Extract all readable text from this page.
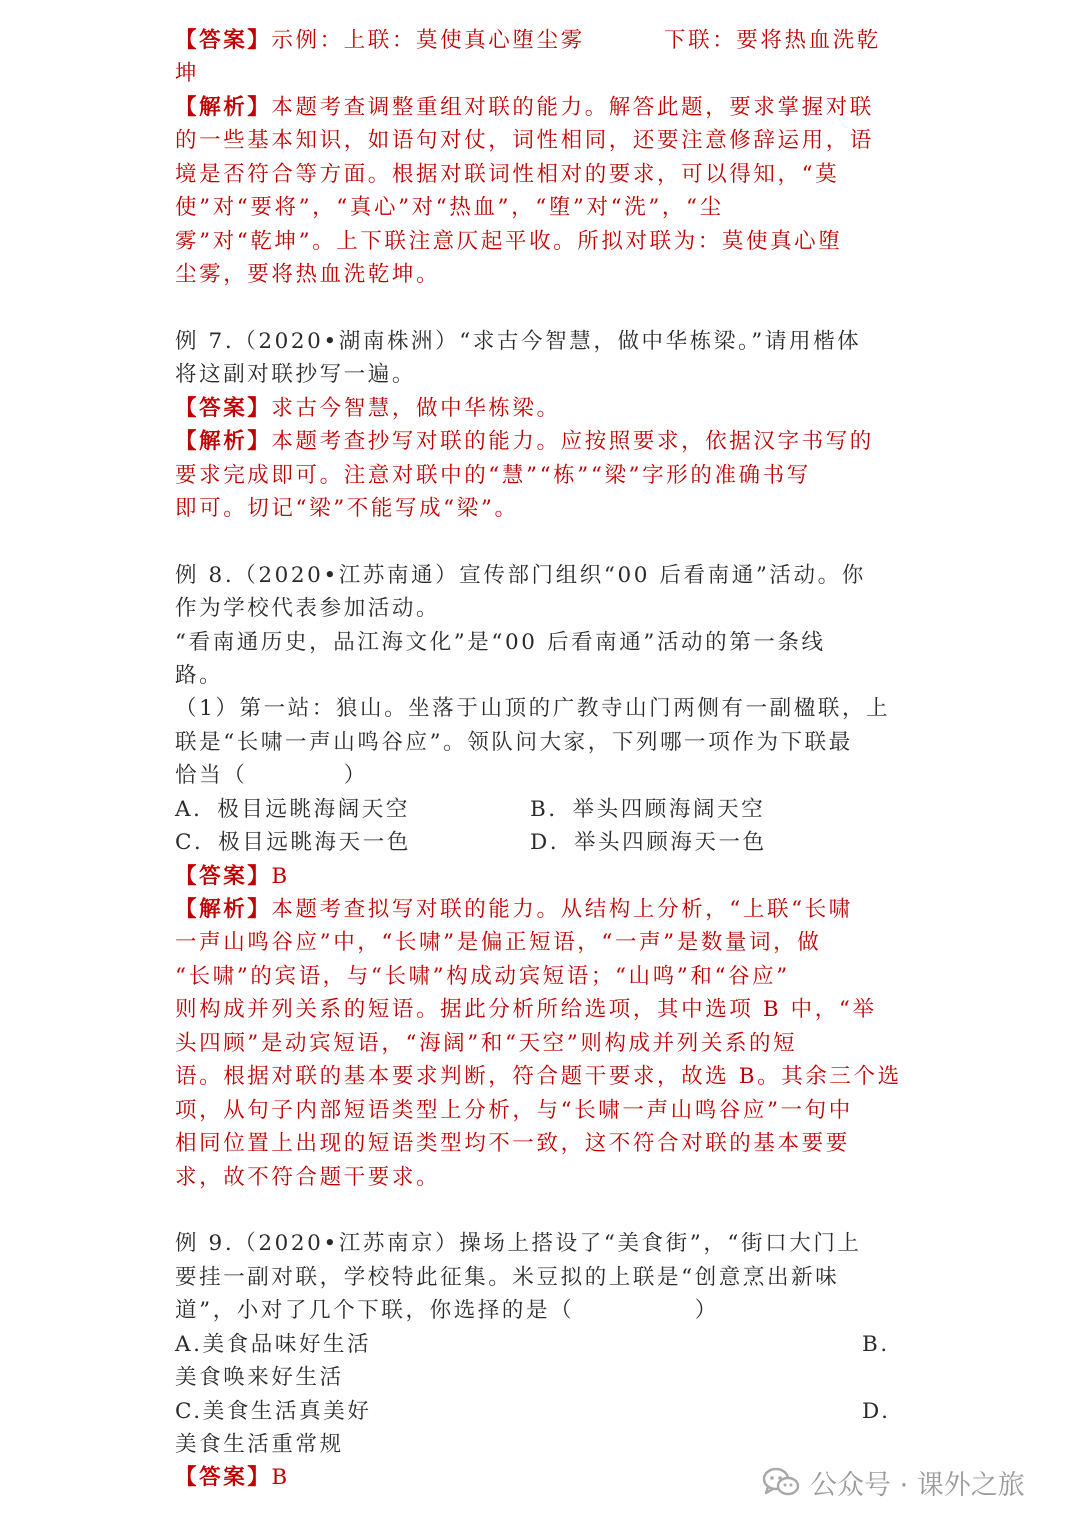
【答案】示例：上联：莫使真心堕尘雾	下联：要将热血洗乾
坤
【解析】本题考查调整重组对联的能力。解答此题，要求掌握对联
的一些基本知识，如语句对仗，词性相同，还要注意修辞运用，语
境是否符合等方面。根据对联词性相对的要求，可以得知，“莫
使”对“要将”，“真心”对“热血”，“堕”对“洗”，“尘
雾”对“乾坤”。上下联注意仄起平收。所拟对联为：莫使真心堕
尘雾，要将热血洗乾坤。
例 7.（2020•湖南株洲）“求古今智慧，做中华栋梁。”请用楷体
将这副对联抄写一遍。
【答案】求古今智慧，做中华栋梁。
【解析】本题考查抄写对联的能力。应按照要求，依据汉字书写的
要求完成即可。注意对联中的“慧”“栋”“梁”字形的准确书写
即可。切记“梁”不能写成“梁”。
例 8.（2020•江苏南通）宣传部门组织“00 后看南通”活动。你
作为学校代表参加活动。
“看南通历史，品江海文化”是“00 后看南通”活动的第一条线
路。
（1）第一站：狼山。坐落于山顶的广教寺山门两侧有一副楹联，上
联是“长啸一声山鸣谷应”。领队问大家，下列哪一项作为下联最
恰当（　　　　）
A．极目远眺海阔天空	B．举头四顾海阔天空
C．极目远眺海天一色	D．举头四顾海天一色
【答案】B
【解析】本题考查拟写对联的能力。从结构上分析，“上联“长啸
一声山鸣谷应”中，“长啸”是偏正短语，“一声”是数量词，做
“长啸”的宾语，与“长啸”构成动宾短语；“山鸣”和“谷应”
则构成并列关系的短语。据此分析所给选项，其中选项 B 中，“举
头四顾”是动宾短语，“海阔”和“天空”则构成并列关系的短
语。根据对联的基本要求判断，符合题干要求，故选 B。其余三个选
项，从句子内部短语类型上分析，与“长啸一声山鸣谷应”一句中
相同位置上出现的短语类型均不一致，这不符合对联的基本要要
求，故不符合题干要求。
例 9.（2020•江苏南京）操场上搭设了“美食街”，“街口大门上
要挂一副对联，学校特此征集。米豆拟的上联是“创意烹出新味
道”，小对了几个下联，你选择的是（　　　　　）
A.美食品味好生活	B.
美食唤来好生活
C.美食生活真美好	D.
美食生活重常规
【答案】B	公众号 · 课外之旅
